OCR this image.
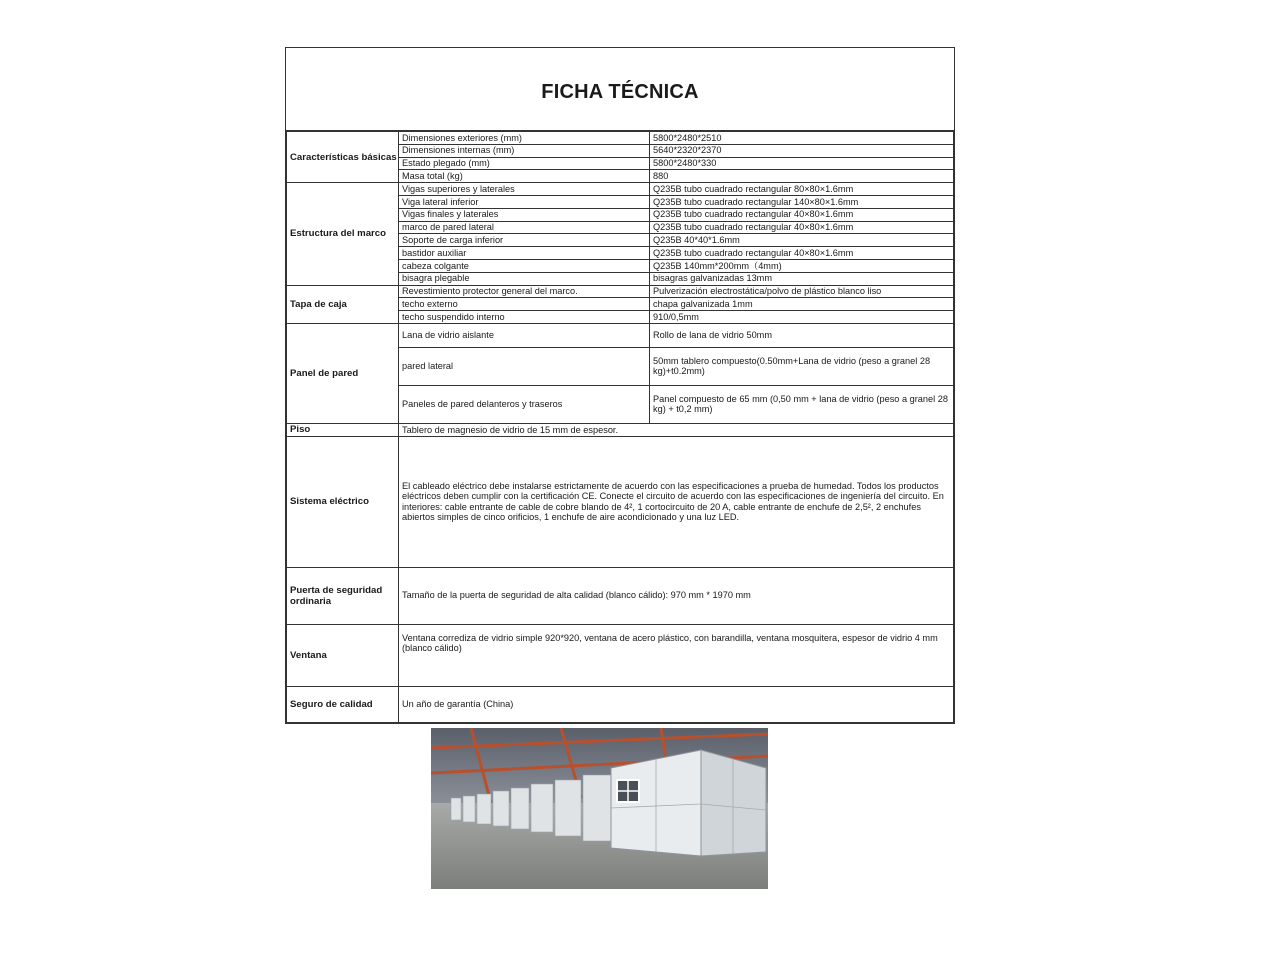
FICHA TÉCNICA
Características básicas	Dimensiones exteriores (mm)	5800*2480*2510
	Dimensiones internas (mm)	5640*2320*2370
	Estado plegado (mm)	5800*2480*330
	Masa total (kg)	880
Estructura del marco	Vigas superiores y laterales	Q235B tubo cuadrado rectangular 80×80×1.6mm
	Viga lateral inferior	Q235B tubo cuadrado rectangular 140×80×1.6mm
	Vigas finales y laterales	Q235B tubo cuadrado rectangular 40×80×1.6mm
	marco de pared lateral	Q235B tubo cuadrado rectangular 40×80×1.6mm
	Soporte de carga inferior	Q235B 40*40*1.6mm
	bastidor auxiliar	Q235B tubo cuadrado rectangular 40×80×1.6mm
	cabeza colgante	Q235B 140mm*200mm（4mm)
	bisagra plegable	bisagras galvanizadas 13mm
Tapa de caja	Revestimiento protector general del marco.	Pulverización electrostática/polvo de plástico blanco liso
	techo externo	chapa galvanizada 1mm
	techo suspendido interno	910/0,5mm
Panel de pared	Lana de vidrio aislante	Rollo de lana de vidrio 50mm
	pared lateral	50mm tablero compuesto(0.50mm+Lana de vidrio (peso a granel 28 kg)+t0.2mm)
	Paneles de pared delanteros y traseros	Panel compuesto de 65 mm (0,50 mm + lana de vidrio (peso a granel 28 kg) + t0,2 mm)
Piso	Tablero de magnesio de vidrio de 15 mm de espesor.	
Sistema eléctrico	El cableado eléctrico debe instalarse estrictamente de acuerdo con las especificaciones a prueba de humedad. Todos los productos eléctricos deben cumplir con la certificación CE. Conecte el circuito de acuerdo con las especificaciones de ingeniería del circuito. En interiores: cable entrante de cable de cobre blando de 4², 1 cortocircuito de 20 A, cable entrante de enchufe de 2,5², 2 enchufes abiertos simples de cinco orificios, 1 enchufe de aire acondicionado y una luz LED.	
Puerta de seguridad ordinaria	Tamaño de la puerta de seguridad de alta calidad (blanco cálido): 970 mm * 1970 mm	
Ventana	Ventana corrediza de vidrio simple 920*920, ventana de acero plástico, con barandilla, ventana mosquitera, espesor de vidrio 4 mm (blanco cálido)	
Seguro de calidad	Un año de garantía (China)	
